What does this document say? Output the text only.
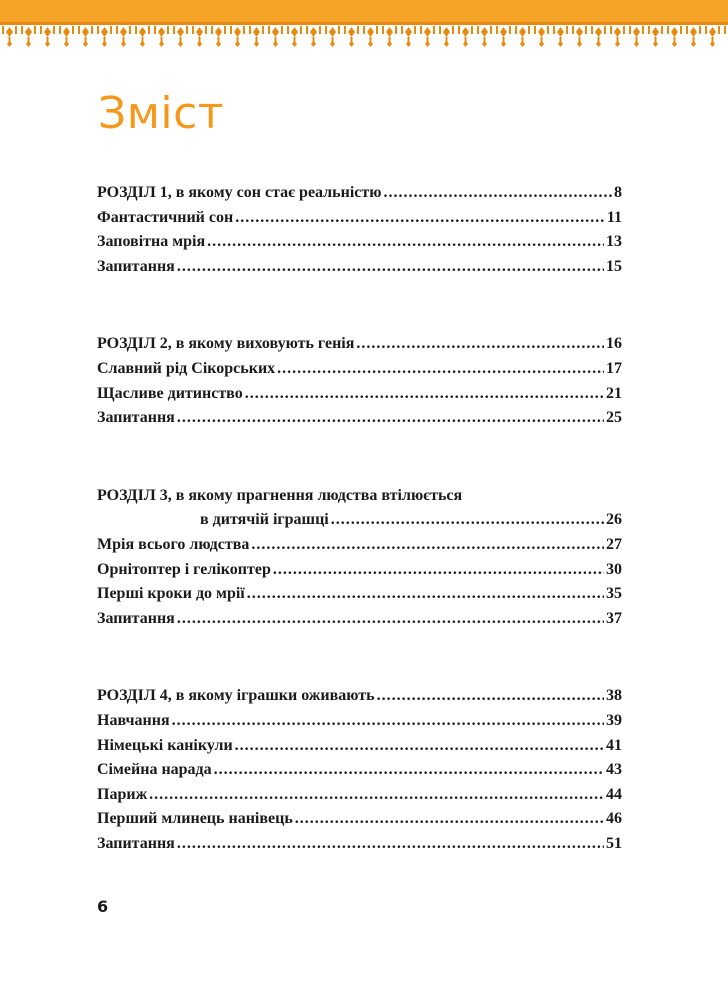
Зміст
РОЗДІЛ 1, в якому сон стає реальністю .....	8
Фантастичний сон .....	11
Заповітна мрія .....	13
Запитання .....	15
РОЗДІЛ 2, в якому виховують генія .....	16
Славний рід Сікорських .....	17
Щасливе дитинство .....	21
Запитання .....	25
РОЗДІЛ 3, в якому прагнення людства втілюється
в дитячій іграшці .....	26
Мрія всього людства .....	27
Орнітоптер і гелікоптер .....	30
Перші кроки до мрії .....	35
Запитання .....	37
РОЗДІЛ 4, в якому іграшки оживають .....	38
Навчання .....	39
Німецькі канікули .....	41
Сімейна нарада .....	43
Париж .....	44
Перший млинець нанівець .....	46
Запитання .....	51
6
